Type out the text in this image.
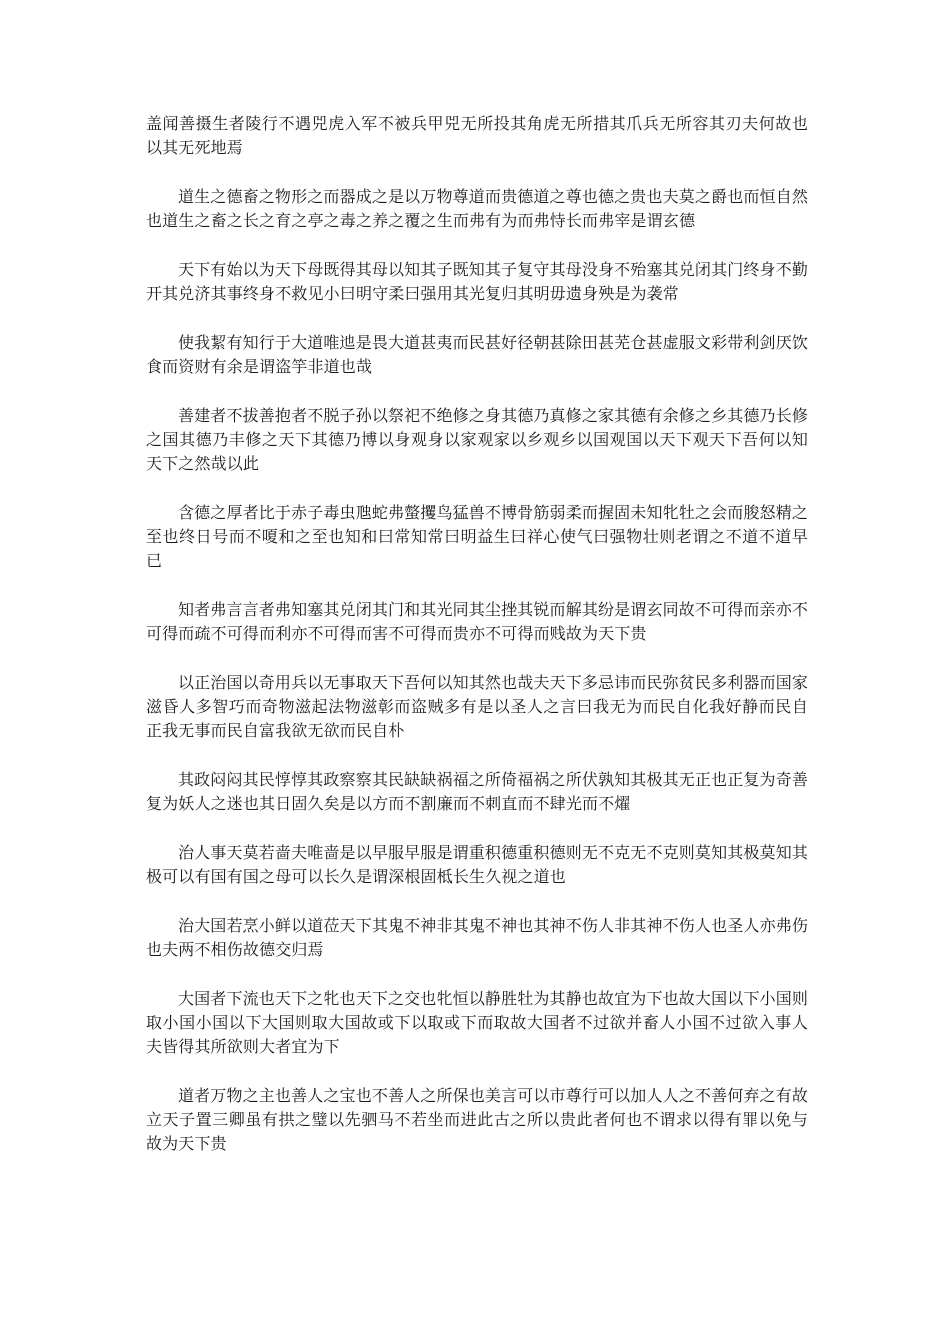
盖闻善摄生者陵行不遇兕虎入军不被兵甲兕无所投其角虎无所措其爪兵无所容其刃夫何故也以其无死地焉

道生之德畜之物形之而器成之是以万物尊道而贵德道之尊也德之贵也夫莫之爵也而恒自然也道生之畜之长之育之亭之毒之养之覆之生而弗有为而弗恃长而弗宰是谓玄德

天下有始以为天下母既得其母以知其子既知其子复守其母没身不殆塞其兑闭其门终身不勤开其兑济其事终身不救见小曰明守柔曰强用其光复归其明毋遗身殃是为袭常

使我絜有知行于大道唯迆是畏大道甚夷而民甚好径朝甚除田甚芜仓甚虚服文彩带利剑厌饮食而资财有余是谓盗竽非道也哉

善建者不拔善抱者不脱子孙以祭祀不绝修之身其德乃真修之家其德有余修之乡其德乃长修之国其德乃丰修之天下其德乃博以身观身以家观家以乡观乡以国观国以天下观天下吾何以知天下之然哉以此

含德之厚者比于赤子毒虫虺蛇弗螫攫鸟猛兽不博骨筋弱柔而握固未知牝牡之会而朘怒精之至也终日号而不嗄和之至也知和曰常知常曰明益生曰祥心使气曰强物壮则老谓之不道不道早已

知者弗言言者弗知塞其兑闭其门和其光同其尘挫其锐而解其纷是谓玄同故不可得而亲亦不可得而疏不可得而利亦不可得而害不可得而贵亦不可得而贱故为天下贵

以正治国以奇用兵以无事取天下吾何以知其然也哉夫天下多忌讳而民弥贫民多利器而国家滋昏人多智巧而奇物滋起法物滋彰而盗贼多有是以圣人之言曰我无为而民自化我好静而民自正我无事而民自富我欲无欲而民自朴

其政闷闷其民惇惇其政察察其民缺缺祸福之所倚福祸之所伏孰知其极其无正也正复为奇善复为妖人之迷也其日固久矣是以方而不割廉而不刺直而不肆光而不燿

治人事天莫若啬夫唯啬是以早服早服是谓重积德重积德则无不克无不克则莫知其极莫知其极可以有国有国之母可以长久是谓深根固柢长生久视之道也

治大国若烹小鲜以道莅天下其鬼不神非其鬼不神也其神不伤人非其神不伤人也圣人亦弗伤也夫两不相伤故德交归焉

大国者下流也天下之牝也天下之交也牝恒以静胜牡为其静也故宜为下也故大国以下小国则取小国小国以下大国则取大国故或下以取或下而取故大国者不过欲并畜人小国不过欲入事人夫皆得其所欲则大者宜为下

道者万物之主也善人之宝也不善人之所保也美言可以市尊行可以加人人之不善何弃之有故立天子置三卿虽有拱之璧以先驷马不若坐而进此古之所以贵此者何也不谓求以得有罪以免与故为天下贵
